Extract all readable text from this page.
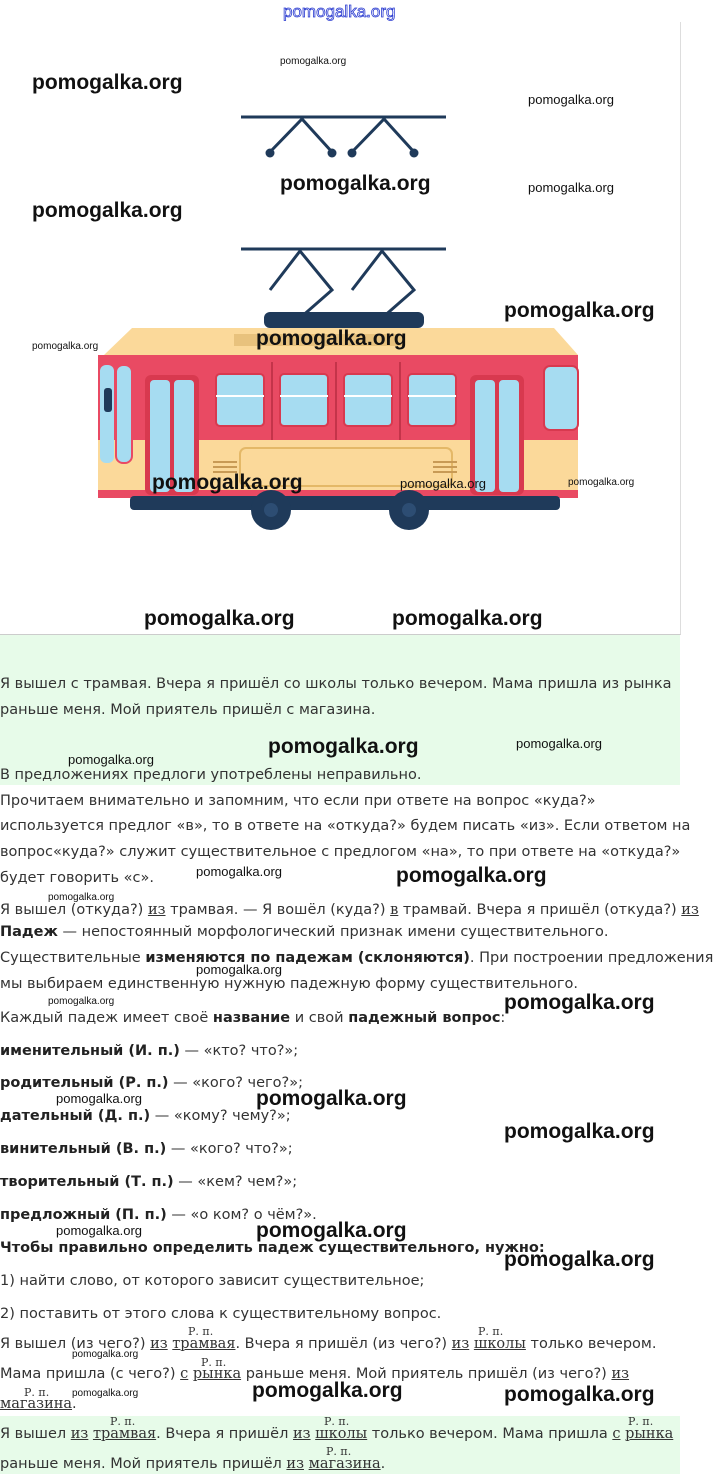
pomogalka.org
pomogalka.org
pomogalka.org
pomogalka.org
pomogalka.org	pomogalka.org
pomogalka.org
pomogalka.org
pomogalka.org
pomogalka.org
pomogalka.org	pomogalka.org	pomogalka.org
pomogalka.org	pomogalka.org
Я вышел с трамвая. Вчера я пришёл со школы только вечером. Мама пришла из рынка
раньше меня. Мой приятель пришёл с магазина.
pomogalka.org
pomogalka.org	pomogalka.org
В предложениях предлоги употреблены неправильно.
Прочитаем внимательно и запомним, что если при ответе на вопрос «куда?»
используется предлог «в», то в ответе на «откуда?» будем писать «из». Если ответом на
вопрос«куда?» служит существительное с предлогом «на», то при ответе на «откуда?»
будет говорить «с».	pomogalka.org	pomogalka.org
pomogalka.org
Я вышел (откуда?) из трамвая. — Я вошёл (куда?) в трамвай. Вчера я пришёл (откуда?) из
Падеж — непостоянный морфологический признак имени существительного.
Существительные изменяются по падежам (склоняются). При построении предложения
pomogalka.org
мы выбираем единственную нужную падежную форму существительного.
pomogalka.org	pomogalka.org
Каждый падеж имеет своё название и свой падежный вопрос:
именительный (И. п.) — «кто? что?»;
родительный (Р. п.) — «кого? чего?»;
pomogalka.org	pomogalka.org
дательный (Д. п.) — «кому? чему?»;
pomogalka.org
винительный (В. п.) — «кого? что?»;
творительный (Т. п.) — «кем? чем?»;
предложный (П. п.) — «о ком? о чём?».
pomogalka.org	pomogalka.org
Чтобы правильно определить падеж существительного, нужно:
pomogalka.org
1) найти слово, от которого зависит существительное;
2) поставить от этого слова к существительному вопрос.
Р. п.	Р. п.
Я вышел (из чего?) из трамвая. Вчера я пришёл (из чего?) из школы только вечером.
pomogalka.org
Р. п.
Мама пришла (с чего?) с рынка раньше меня. Мой приятель пришёл (из чего?) из
Р. п. pomogalka.org	pomogalka.org	pomogalka.org
магазина.
Р. п.	Р. п.	Р. п.
Я вышел из трамвая. Вчера я пришёл из школы только вечером. Мама пришла с рынка
Р. п.
раньше меня. Мой приятель пришёл из магазина.
